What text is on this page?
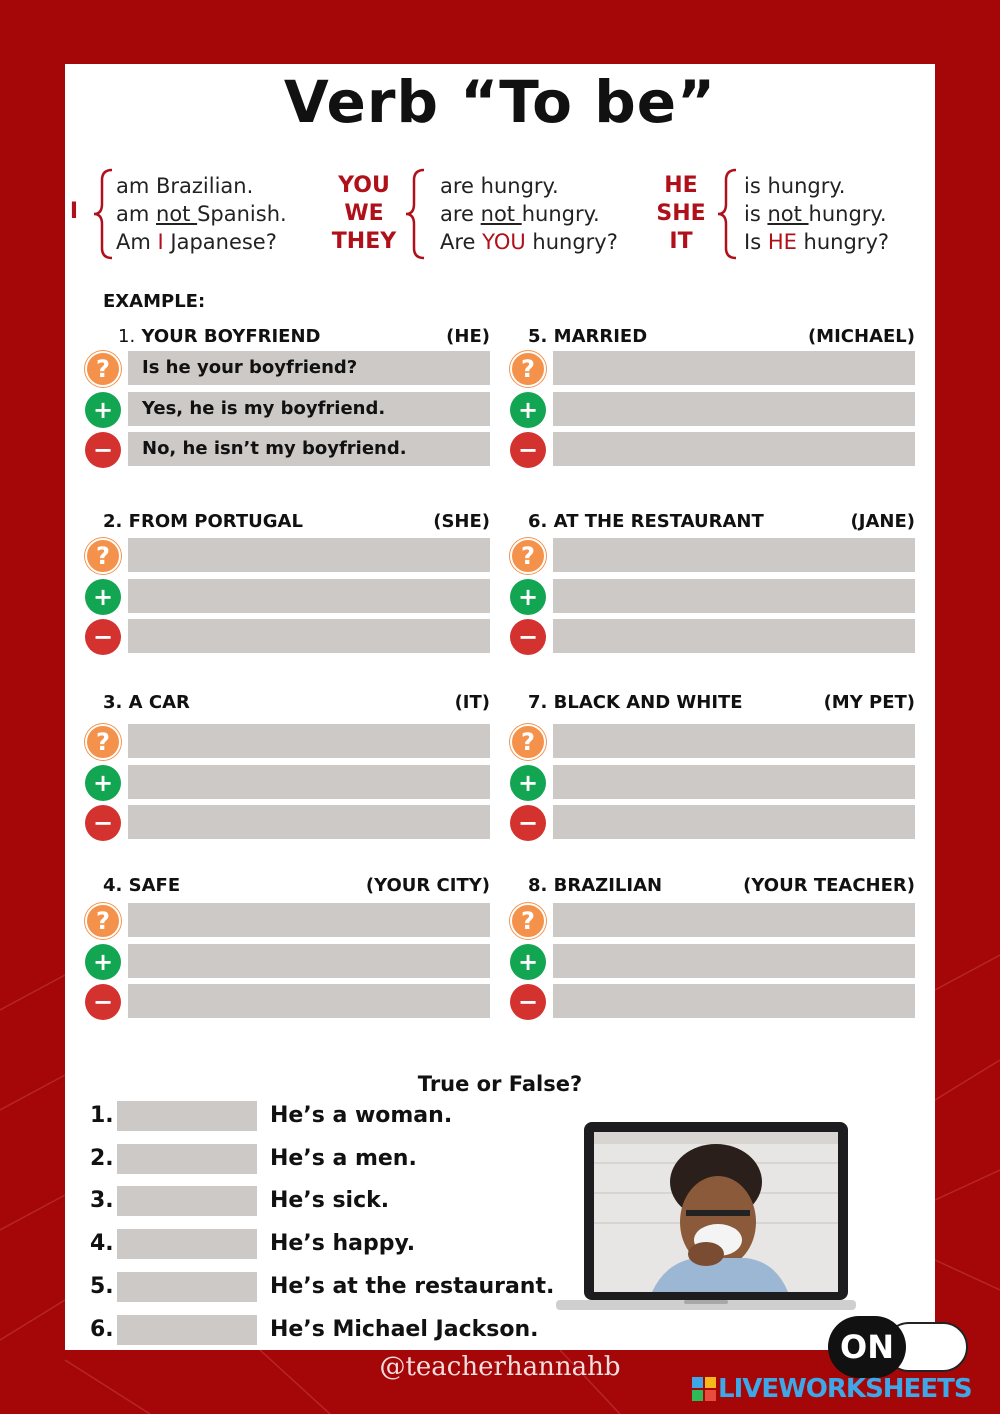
Verb “To be”
I
am Brazilian.
am not Spanish.
Am I Japanese?
YOU
WE
THEY
are hungry.
are not hungry.
Are YOU hungry?
HE
SHE
IT
is hungry.
is not hungry.
Is HE hungry?
EXAMPLE:
1. YOUR BOYFRIEND	(HE)
?	Is he your boyfriend?
+	Yes, he is my boyfriend.
−	No, he isn’t my boyfriend.
2. FROM PORTUGAL	(SHE)
?
+
−
3. A CAR	(IT)
?
+
−
4. SAFE	(YOUR CITY)
?
+
−
5. MARRIED	(MICHAEL)
?
+
−
6. AT THE RESTAURANT	(JANE)
?
+
−
7. BLACK AND WHITE	(MY PET)
?
+
−
8. BRAZILIAN	(YOUR TEACHER)
?
+
−
True or False?
1.	He’s a woman.
2.	He’s a men.
3.	He’s sick.
4.	He’s happy.
5.	He’s at the restaurant.
6.	He’s Michael Jackson.
@teacherhannahb
ON
LIVEWORKSHEETS
